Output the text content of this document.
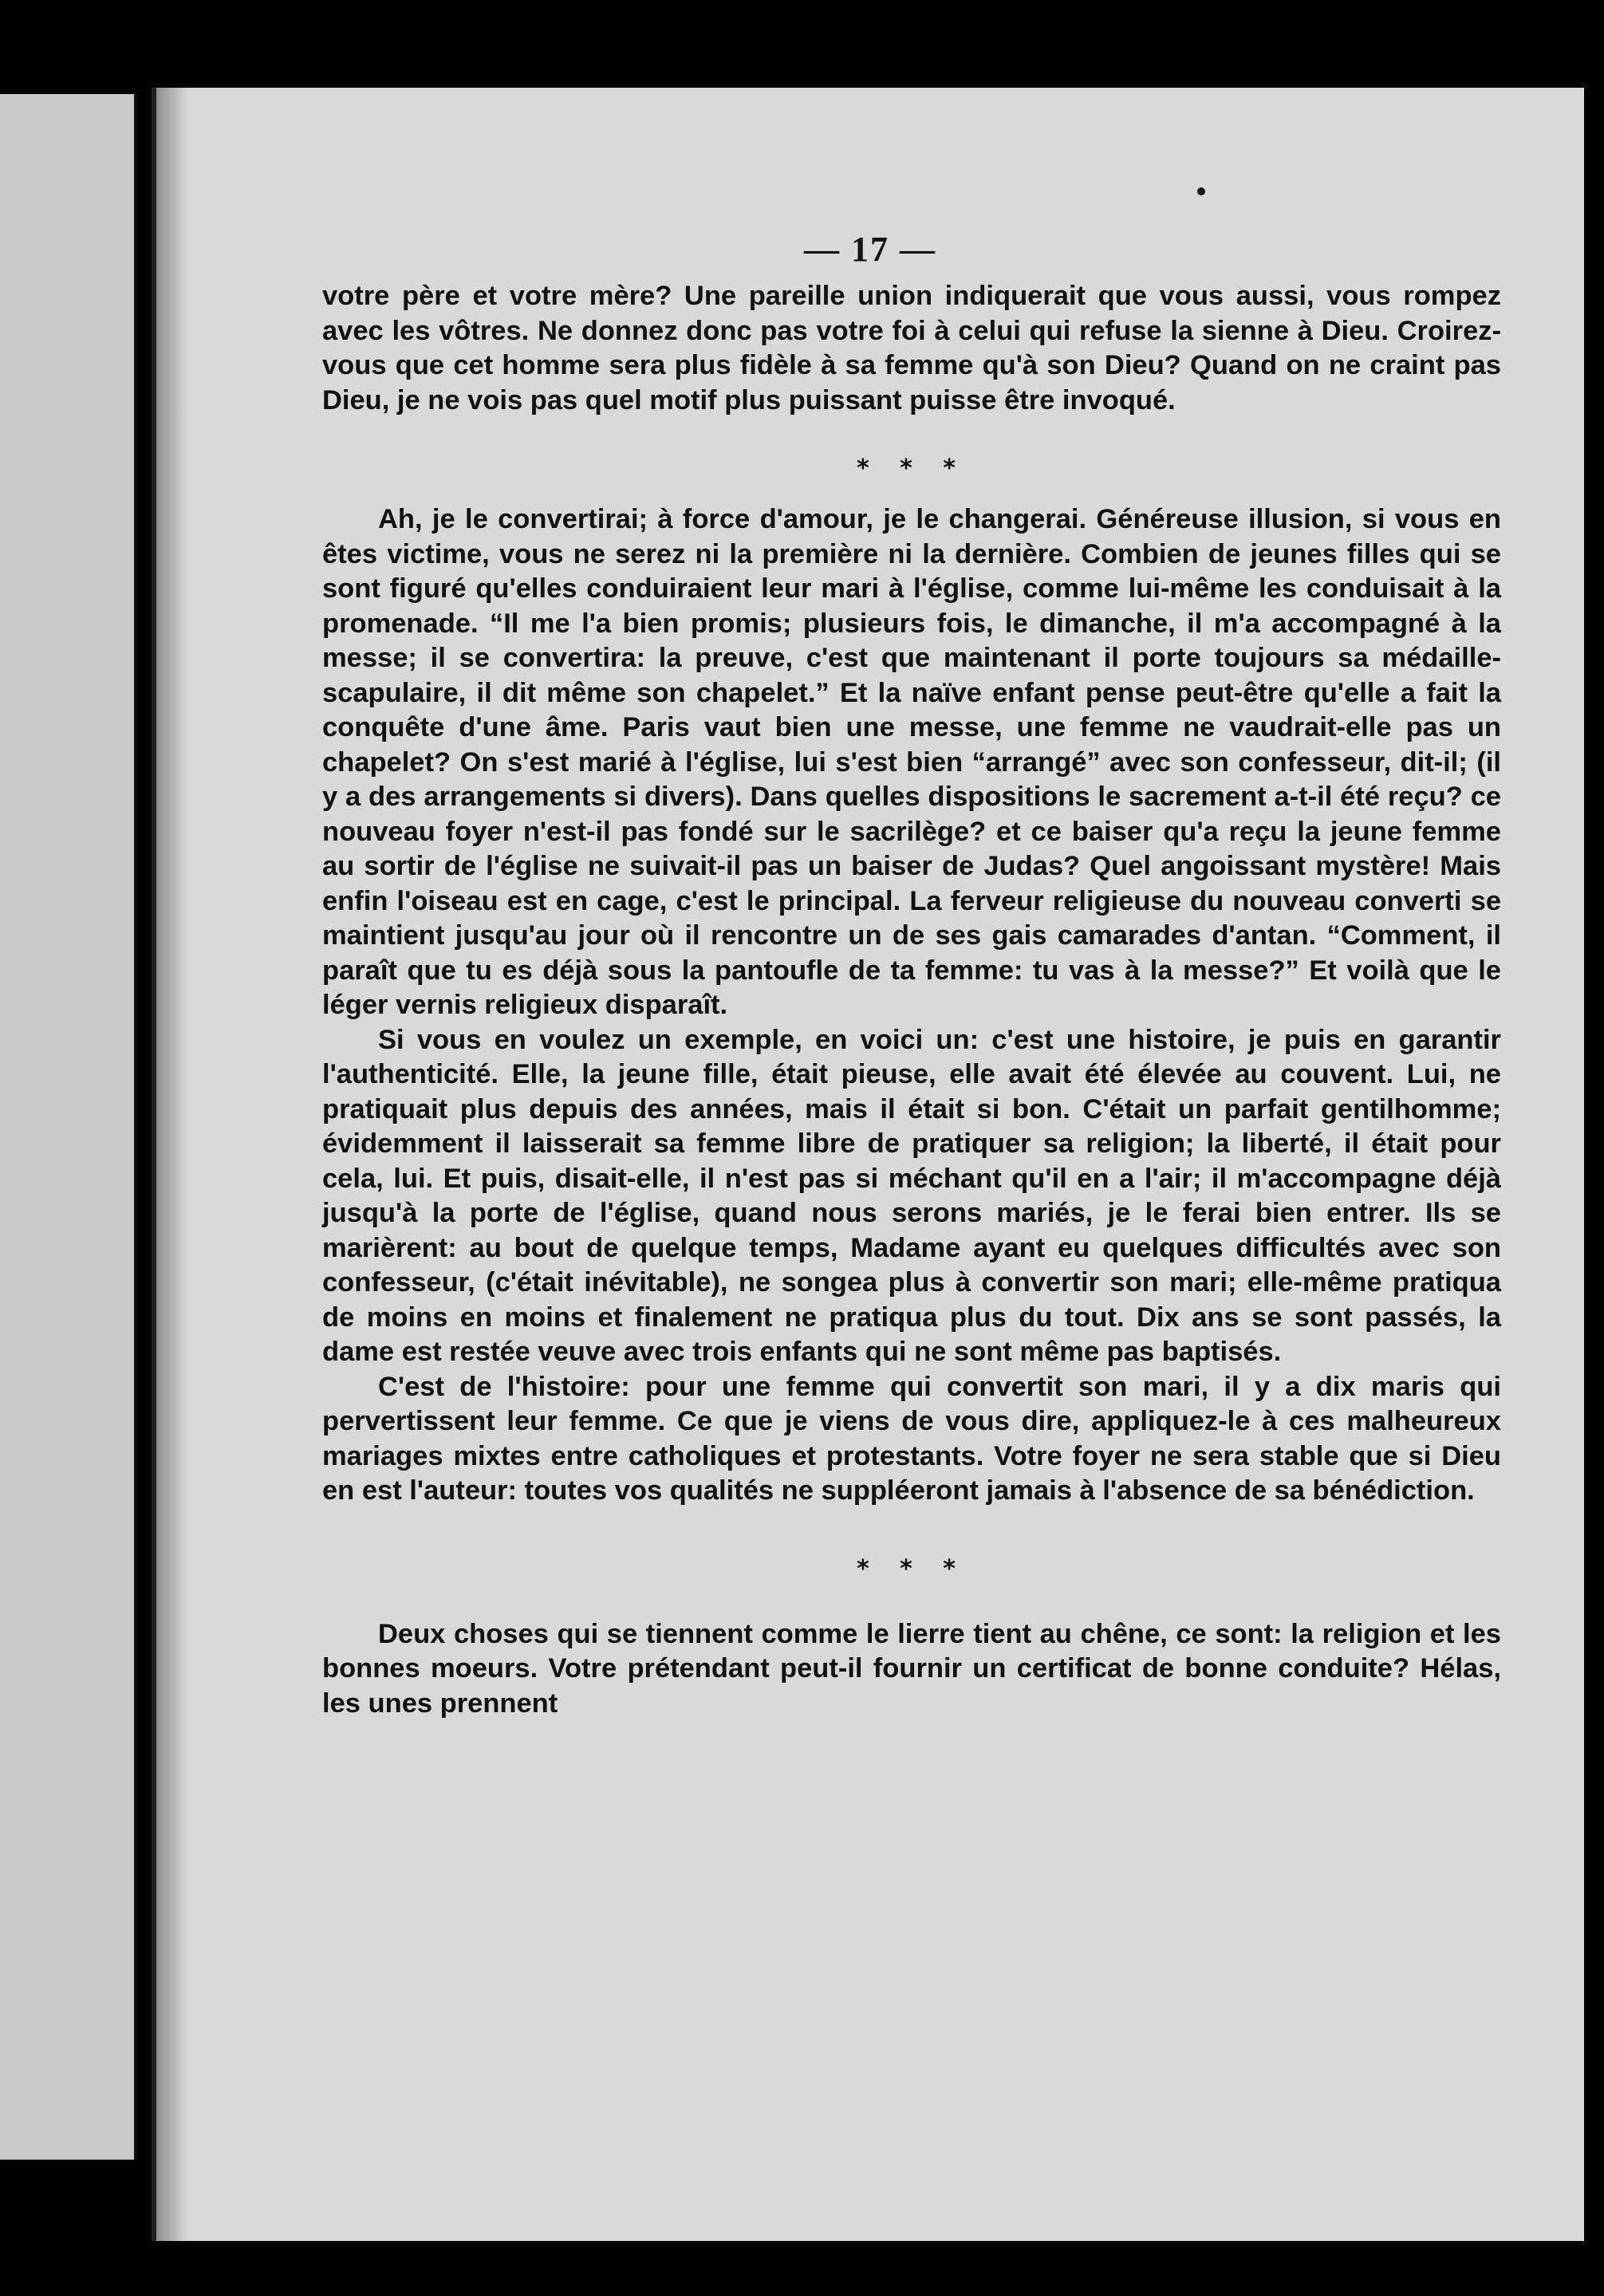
— 17 —

votre père et votre mère? Une pareille union indiquerait que vous aussi, vous rompez avec les vôtres. Ne donnez donc pas votre foi à celui qui refuse la sienne à Dieu. Croirez-vous que cet homme sera plus fidèle à sa femme qu'à son Dieu? Quand on ne craint pas Dieu, je ne vois pas quel motif plus puissant puisse être invoqué.

* * *

Ah, je le convertirai; à force d'amour, je le changerai. Généreuse illusion, si vous en êtes victime, vous ne serez ni la première ni la dernière. Combien de jeunes filles qui se sont figuré qu'elles conduiraient leur mari à l'église, comme lui-même les conduisait à la promenade. “Il me l'a bien promis; plusieurs fois, le dimanche, il m'a accompagné à la messe; il se convertira: la preuve, c'est que maintenant il porte toujours sa médaille-scapulaire, il dit même son chapelet.” Et la naïve enfant pense peut-être qu'elle a fait la conquête d'une âme. Paris vaut bien une messe, une femme ne vaudrait-elle pas un chapelet? On s'est marié à l'église, lui s'est bien “arrangé” avec son confesseur, dit-il; (il y a des arrangements si divers). Dans quelles dispositions le sacrement a-t-il été reçu? ce nouveau foyer n'est-il pas fondé sur le sacrilège? et ce baiser qu'a reçu la jeune femme au sortir de l'église ne suivait-il pas un baiser de Judas? Quel angoissant mystère! Mais enfin l'oiseau est en cage, c'est le principal. La ferveur religieuse du nouveau converti se maintient jusqu'au jour où il rencontre un de ses gais camarades d'antan. “Comment, il paraît que tu es déjà sous la pantoufle de ta femme: tu vas à la messe?” Et voilà que le léger vernis religieux disparaît.

Si vous en voulez un exemple, en voici un: c'est une histoire, je puis en garantir l'authenticité. Elle, la jeune fille, était pieuse, elle avait été élevée au couvent. Lui, ne pratiquait plus depuis des années, mais il était si bon. C'était un parfait gentilhomme; évidemment il laisserait sa femme libre de pratiquer sa religion; la liberté, il était pour cela, lui. Et puis, disait-elle, il n'est pas si méchant qu'il en a l'air; il m'accompagne déjà jusqu'à la porte de l'église, quand nous serons mariés, je le ferai bien entrer. Ils se marièrent: au bout de quelque temps, Madame ayant eu quelques difficultés avec son confesseur, (c'était inévitable), ne songea plus à convertir son mari; elle-même pratiqua de moins en moins et finalement ne pratiqua plus du tout. Dix ans se sont passés, la dame est restée veuve avec trois enfants qui ne sont même pas baptisés.

C'est de l'histoire: pour une femme qui convertit son mari, il y a dix maris qui pervertissent leur femme. Ce que je viens de vous dire, appliquez-le à ces malheureux mariages mixtes entre catholiques et protestants. Votre foyer ne sera stable que si Dieu en est l'auteur: toutes vos qualités ne suppléeront jamais à l'absence de sa bénédiction.

* * *

Deux choses qui se tiennent comme le lierre tient au chêne, ce sont: la religion et les bonnes moeurs. Votre prétendant peut-il fournir un certificat de bonne conduite? Hélas, les unes prennent
